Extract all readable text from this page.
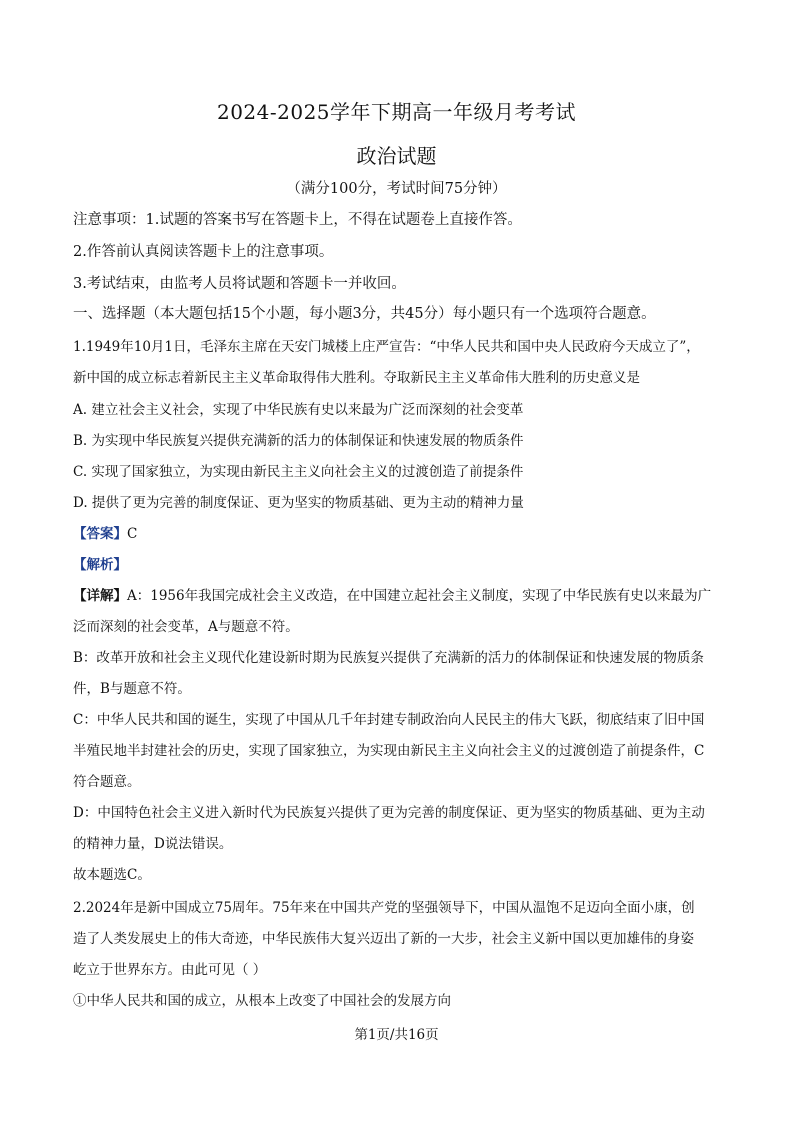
2024-2025学年下期高一年级月考考试
政治试题
（满分100分，考试时间75分钟）
注意事项：1.试题的答案书写在答题卡上，不得在试题卷上直接作答。
2.作答前认真阅读答题卡上的注意事项。
3.考试结束，由监考人员将试题和答题卡一并收回。
一、选择题（本大题包括15个小题，每小题3分，共45分）每小题只有一个选项符合题意。
1.1949年10月1日，毛泽东主席在天安门城楼上庄严宣告：“中华人民共和国中央人民政府今天成立了”，
新中国的成立标志着新民主主义革命取得伟大胜利。夺取新民主主义革命伟大胜利的历史意义是
A. 建立社会主义社会，实现了中华民族有史以来最为广泛而深刻的社会变革
B. 为实现中华民族复兴提供充满新的活力的体制保证和快速发展的物质条件
C. 实现了国家独立，为实现由新民主主义向社会主义的过渡创造了前提条件
D. 提供了更为完善的制度保证、更为坚实的物质基础、更为主动的精神力量
【答案】C
【解析】
【详解】A：1956年我国完成社会主义改造，在中国建立起社会主义制度，实现了中华民族有史以来最为广
泛而深刻的社会变革，A与题意不符。
B：改革开放和社会主义现代化建设新时期为民族复兴提供了充满新的活力的体制保证和快速发展的物质条
件，B与题意不符。
C：中华人民共和国的诞生，实现了中国从几千年封建专制政治向人民民主的伟大飞跃，彻底结束了旧中国
半殖民地半封建社会的历史，实现了国家独立，为实现由新民主主义向社会主义的过渡创造了前提条件，C
符合题意。
D：中国特色社会主义进入新时代为民族复兴提供了更为完善的制度保证、更为坚实的物质基础、更为主动
的精神力量，D说法错误。
故本题选C。
2.2024年是新中国成立75周年。75年来在中国共产党的坚强领导下，中国从温饱不足迈向全面小康，创
造了人类发展史上的伟大奇迹，中华民族伟大复兴迈出了新的一大步，社会主义新中国以更加雄伟的身姿
屹立于世界东方。由此可见（ ）
①中华人民共和国的成立，从根本上改变了中国社会的发展方向
第1页/共16页
